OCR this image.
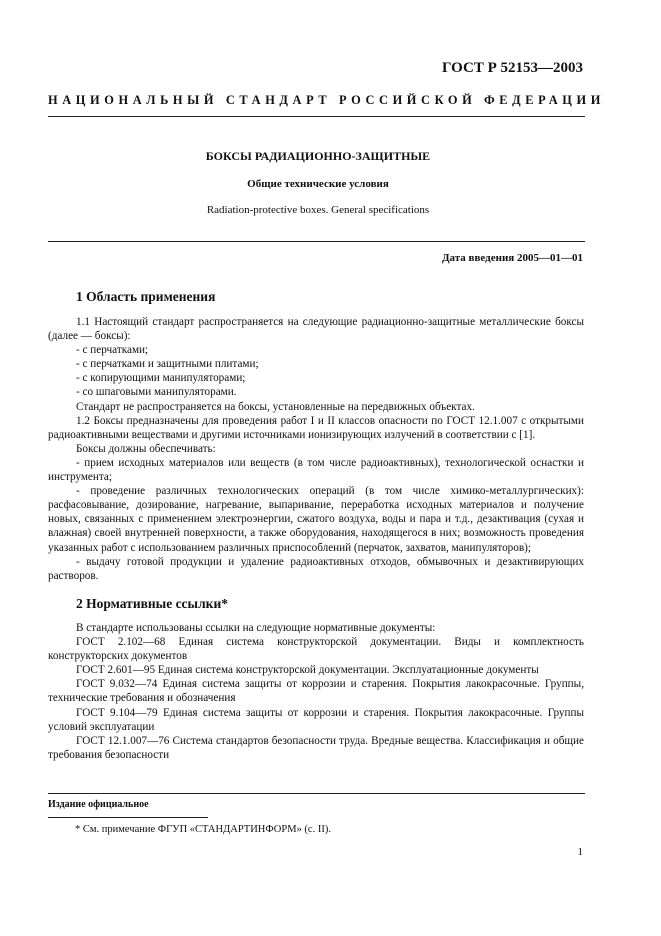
ГОСТ Р 52153—2003
НАЦИОНАЛЬНЫЙ СТАНДАРТ РОССИЙСКОЙ ФЕДЕРАЦИИ
БОКСЫ РАДИАЦИОННО-ЗАЩИТНЫЕ
Общие технические условия
Radiation-protective boxes. General specifications
Дата введения 2005—01—01
1 Область применения

1.1 Настоящий стандарт распространяется на следующие радиационно-защитные металлические боксы (далее — боксы):

- с перчатками;

- с перчатками и защитными плитами;

- с копирующими манипуляторами;

- со шпаговыми манипуляторами.

Стандарт не распространяется на боксы, установленные на передвижных объектах.

1.2 Боксы предназначены для проведения работ I и II классов опасности по ГОСТ 12.1.007 с открытыми радиоактивными веществами и другими источниками ионизирующих излучений в соответствии с [1].

Боксы должны обеспечивать:

- прием исходных материалов или веществ (в том числе радиоактивных), технологической оснастки и инструмента;

- проведение различных технологических операций (в том числе химико-металлургических): расфасовывание, дозирование, нагревание, выпаривание, переработка исходных материалов и получение новых, связанных с применением электроэнергии, сжатого воздуха, воды и пара и т.д., дезактивация (сухая и влажная) своей внутренней поверхности, а также оборудования, находящегося в них; возможность проведения указанных работ с использованием различных приспособлений (перчаток, захватов, манипуляторов);

- выдачу готовой продукции и удаление радиоактивных отходов, обмывочных и дезактивирующих растворов.

2 Нормативные ссылки*

В стандарте использованы ссылки на следующие нормативные документы:

ГОСТ 2.102—68 Единая система конструкторской документации. Виды и комплектность конструкторских документов

ГОСТ 2.601—95 Единая система конструкторской документации. Эксплуатационные документы

ГОСТ 9.032—74 Единая система защиты от коррозии и старения. Покрытия лакокрасочные. Группы, технические требования и обозначения

ГОСТ 9.104—79 Единая система защиты от коррозии и старения. Покрытия лакокрасочные. Группы условий эксплуатации

ГОСТ 12.1.007—76 Система стандартов безопасности труда. Вредные вещества. Классификация и общие требования безопасности

Издание официальное
* См. примечание ФГУП «СТАНДАРТИНФОРМ» (с. II).
1
